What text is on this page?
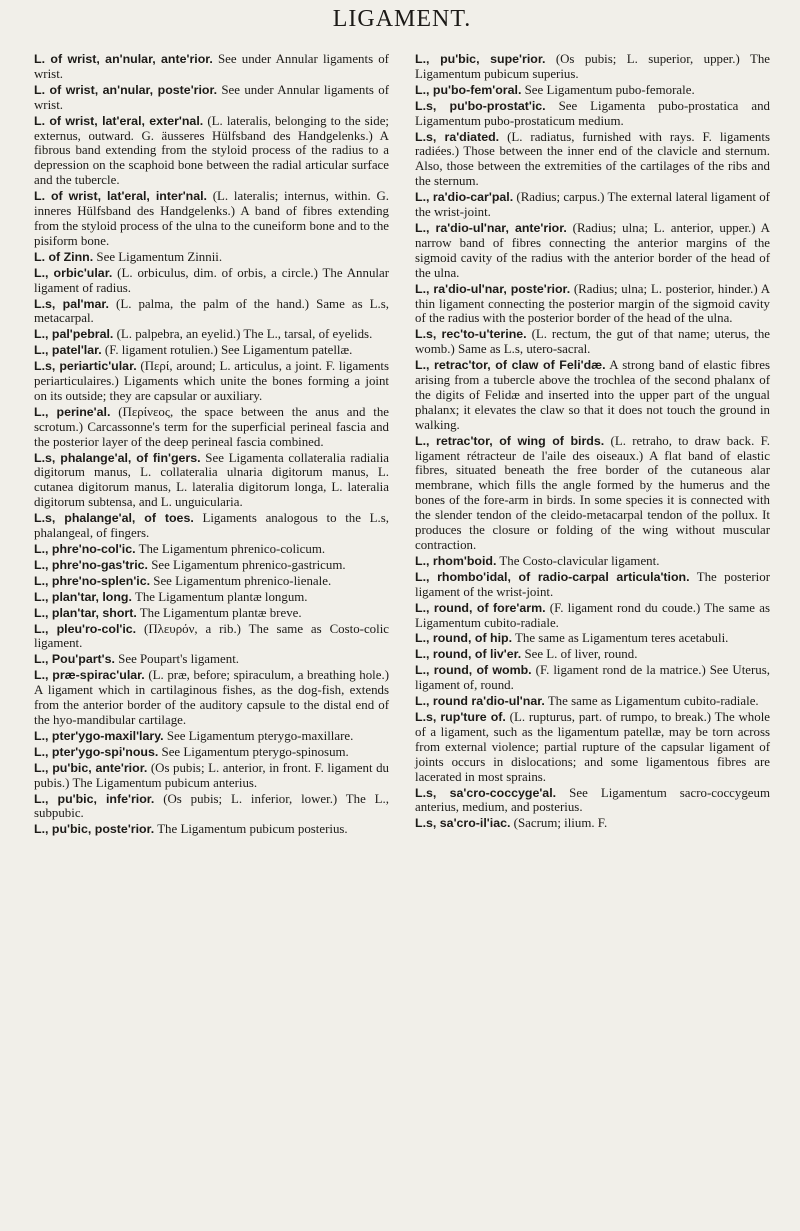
LIGAMENT.

L. of wrist, an'nular, ante'rior. See under Annular ligaments of wrist.

L. of wrist, an'nular, poste'rior. See under Annular ligaments of wrist.

L. of wrist, lat'eral, exter'nal. (L. lateralis, belonging to the side; externus, outward. G. äusseres Hülfsband des Handgelenks.) A fibrous band extending from the styloid process of the radius to a depression on the scaphoid bone between the radial articular surface and the tubercle.

L. of wrist, lat'eral, inter'nal. (L. lateralis; internus, within. G. inneres Hülfsband des Handgelenks.) A band of fibres extending from the styloid process of the ulna to the cuneiform bone and to the pisiform bone.

L. of Zinn. See Ligamentum Zinnii.

L., orbic'ular. (L. orbiculus, dim. of orbis, a circle.) The Annular ligament of radius.

L.s, pal'mar. (L. palma, the palm of the hand.) Same as L.s, metacarpal.

L., pal'pebral. (L. palpebra, an eyelid.) The L., tarsal, of eyelids.

L., patel'lar. (F. ligament rotulien.) See Ligamentum patellæ.

L.s, periartic'ular. (Περί, around; L. articulus, a joint. F. ligaments periarticulaires.) Ligaments which unite the bones forming a joint on its outside; they are capsular or auxiliary.

L., perine'al. (Περίνεος, the space between the anus and the scrotum.) Carcassonne's term for the superficial perineal fascia and the posterior layer of the deep perineal fascia combined.

L.s, phalange'al, of fin'gers. See Ligamenta collateralia radialia digitorum manus, L. collateralia ulnaria digitorum manus, L. cutanea digitorum manus, L. lateralia digitorum longa, L. lateralia digitorum subtensa, and L. unguicularia.

L.s, phalange'al, of toes. Ligaments analogous to the L.s, phalangeal, of fingers.

L., phre'no-col'ic. The Ligamentum phrenico-colicum.

L., phre'no-gas'tric. See Ligamentum phrenico-gastricum.

L., phre'no-splen'ic. See Ligamentum phrenico-lienale.

L., plan'tar, long. The Ligamentum plantæ longum.

L., plan'tar, short. The Ligamentum plantæ breve.

L., pleu'ro-col'ic. (Πλευρόν, a rib.) The same as Costo-colic ligament.

L., Pou'part's. See Poupart's ligament.

L., præ-spirac'ular. (L. præ, before; spiraculum, a breathing hole.) A ligament which in cartilaginous fishes, as the dog-fish, extends from the anterior border of the auditory capsule to the distal end of the hyo-mandibular cartilage.

L., pter'ygo-maxil'lary. See Ligamentum pterygo-maxillare.

L., pter'ygo-spi'nous. See Ligamentum pterygo-spinosum.

L., pu'bic, ante'rior. (Os pubis; L. anterior, in front. F. ligament du pubis.) The Ligamentum pubicum anterius.

L., pu'bic, infe'rior. (Os pubis; L. inferior, lower.) The L., subpubic.

L., pu'bic, poste'rior. The Ligamentum pubicum posterius.

L., pu'bic, supe'rior. (Os pubis; L. superior, upper.) The Ligamentum pubicum superius.

L., pu'bo-fem'oral. See Ligamentum pubo-femorale.

L.s, pu'bo-prostat'ic. See Ligamenta pubo-prostatica and Ligamentum pubo-prostaticum medium.

L.s, ra'diated. (L. radiatus, furnished with rays. F. ligaments radiées.) Those between the inner end of the clavicle and sternum. Also, those between the extremities of the cartilages of the ribs and the sternum.

L., ra'dio-car'pal. (Radius; carpus.) The external lateral ligament of the wrist-joint.

L., ra'dio-ul'nar, ante'rior. (Radius; ulna; L. anterior, upper.) A narrow band of fibres connecting the anterior margins of the sigmoid cavity of the radius with the anterior border of the head of the ulna.

L., ra'dio-ul'nar, poste'rior. (Radius; ulna; L. posterior, hinder.) A thin ligament connecting the posterior margin of the sigmoid cavity of the radius with the posterior border of the head of the ulna.

L.s, rec'to-u'terine. (L. rectum, the gut of that name; uterus, the womb.) Same as L.s, utero-sacral.

L., retrac'tor, of claw of Feli'dæ. A strong band of elastic fibres arising from a tubercle above the trochlea of the second phalanx of the digits of Felidæ and inserted into the upper part of the ungual phalanx; it elevates the claw so that it does not touch the ground in walking.

L., retrac'tor, of wing of birds. (L. retraho, to draw back. F. ligament rétracteur de l'aile des oiseaux.) A flat band of elastic fibres, situated beneath the free border of the cutaneous alar membrane, which fills the angle formed by the humerus and the bones of the fore-arm in birds. In some species it is connected with the slender tendon of the cleido-metacarpal tendon of the pollux. It produces the closure or folding of the wing without muscular contraction.

L., rhom'boid. The Costo-clavicular ligament.

L., rhombo'idal, of radio-carpal articula'tion. The posterior ligament of the wrist-joint.

L., round, of fore'arm. (F. ligament rond du coude.) The same as Ligamentum cubito-radiale.

L., round, of hip. The same as Ligamentum teres acetabuli.

L., round, of liv'er. See L. of liver, round.

L., round, of womb. (F. ligament rond de la matrice.) See Uterus, ligament of, round.

L., round ra'dio-ul'nar. The same as Ligamentum cubito-radiale.

L.s, rup'ture of. (L. rupturus, part. of rumpo, to break.) The whole of a ligament, such as the ligamentum patellæ, may be torn across from external violence; partial rupture of the capsular ligament of joints occurs in dislocations; and some ligamentous fibres are lacerated in most sprains.

L.s, sa'cro-coccyge'al. See Ligamentum sacro-coccygeum anterius, medium, and posterius.

L.s, sa'cro-il'iac. (Sacrum; ilium. F.
